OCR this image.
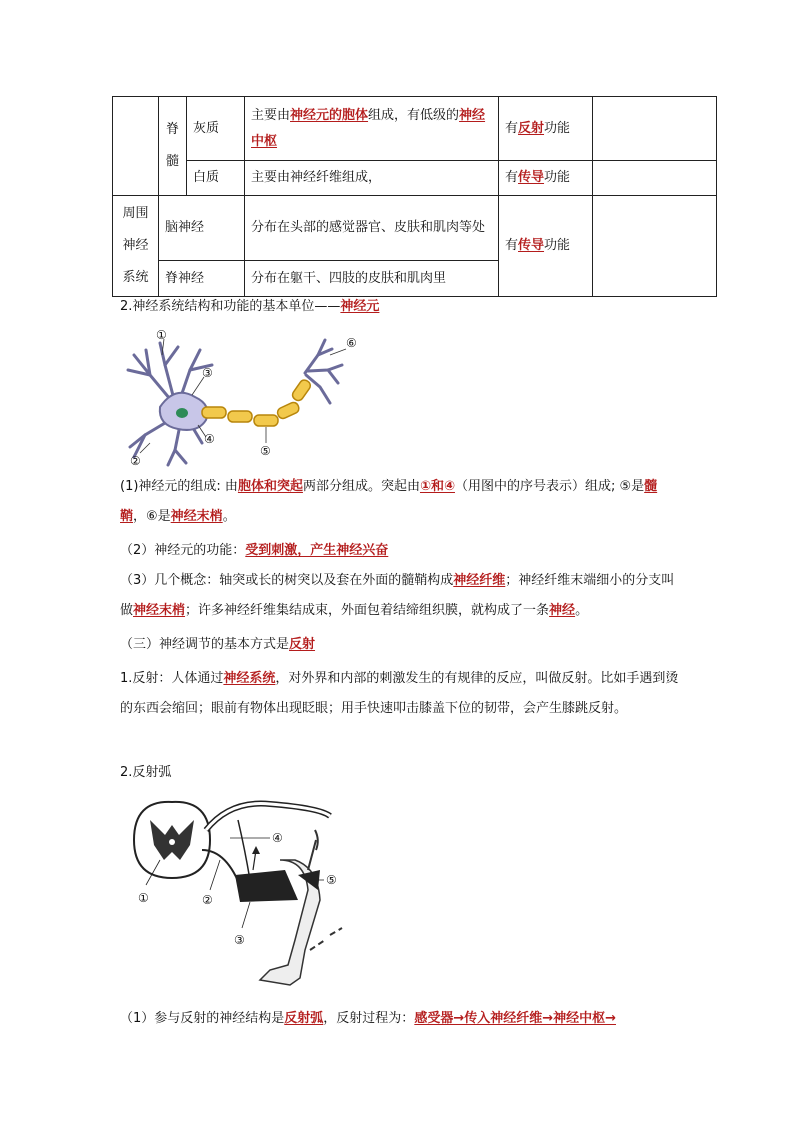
	脊髓	灰质	主要由神经元的胞体组成，有低级的神经中枢	有反射功能	
		白质	主要由神经纤维组成，	有传导功能	
周围神经系统	脑神经		分布在头部的感觉器官、皮肤和肌肉等处	有传导功能	
	脊神经		分布在躯干、四肢的皮肤和肌肉里		

2.神经系统结构和功能的基本单位——神经元

①
②
③
④
⑤
⑥

(1)神经元的组成: 由胞体和突起两部分组成。突起由①和④（用图中的序号表示）组成; ⑤是髓鞘，⑥是神经末梢。

（2）神经元的功能：受到刺激，产生神经兴奋

（3）几个概念：轴突或长的树突以及套在外面的髓鞘构成神经纤维；神经纤维末端细小的分支叫做神经末梢；许多神经纤维集结成束，外面包着结缔组织膜，就构成了一条神经。

（三）神经调节的基本方式是反射

1.反射：人体通过神经系统，对外界和内部的刺激发生的有规律的反应，叫做反射。比如手遇到烫的东西会缩回；眼前有物体出现眨眼；用手快速叩击膝盖下位的韧带，会产生膝跳反射。

2.反射弧

①	②
③
④
⑤

（1）参与反射的神经结构是反射弧，反射过程为：感受器→传入神经纤维→神经中枢→
